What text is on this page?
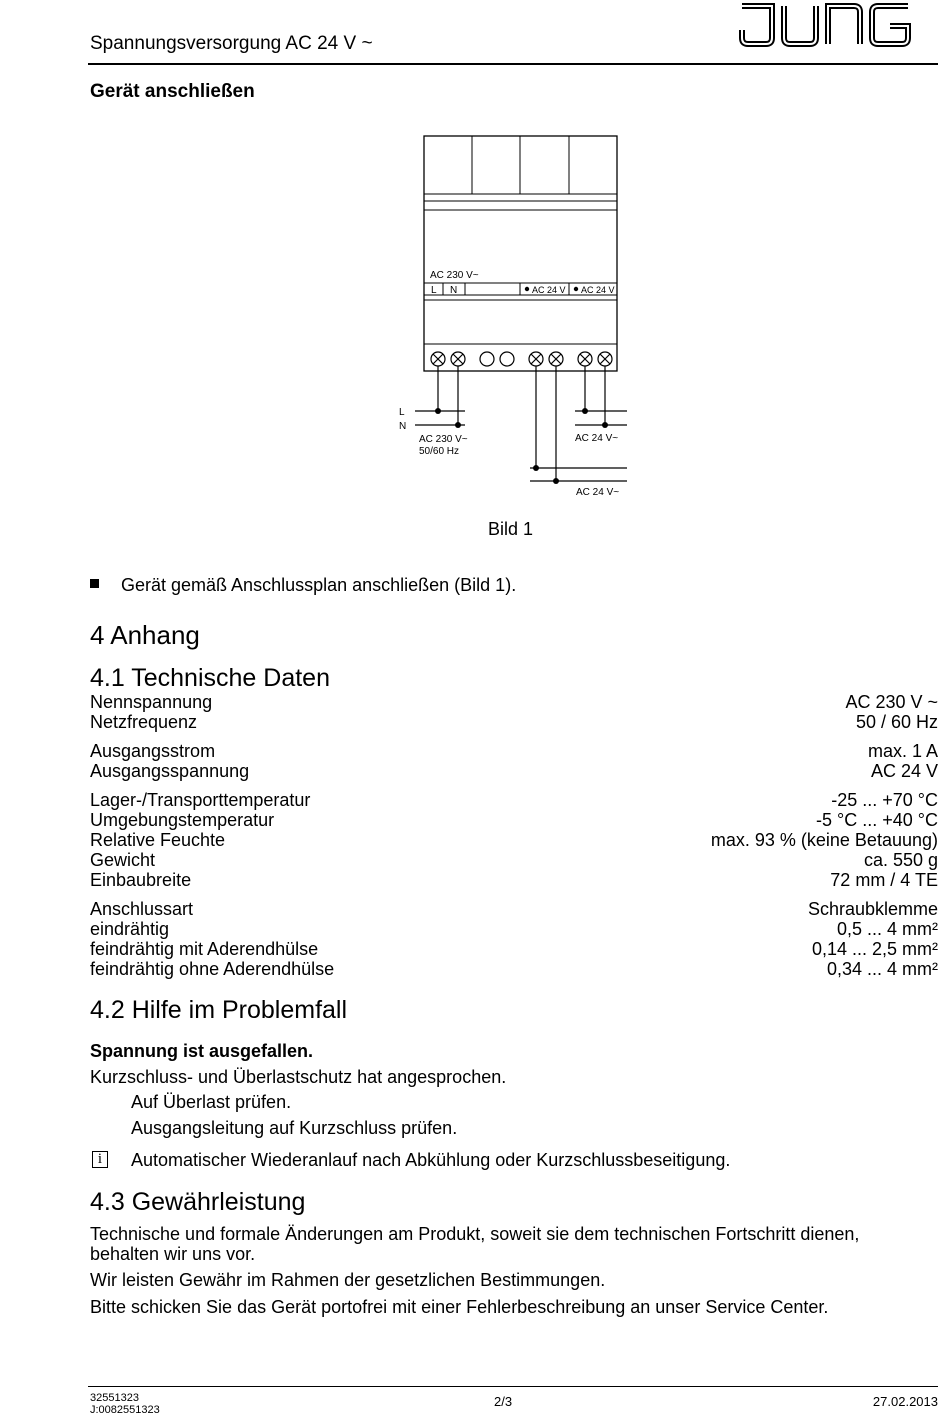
Spannungsversorgung AC 24 V ~
Gerät anschließen
AC 230 V~
L N	AC 24 V AC 24 V
L
N
AC 230 V~
50/60 Hz
AC 24 V~
AC 24 V~
Bild 1
Gerät gemäß Anschlussplan anschließen (Bild 1).
4 Anhang
4.1 Technische Daten
Nennspannung	AC 230 V ~
Netzfrequenz	50 / 60 Hz
Ausgangsstrom	max. 1 A
Ausgangsspannung	AC 24 V
Lager-/Transporttemperatur	-25 ... +70 °C
Umgebungstemperatur	-5 °C ... +40 °C
Relative Feuchte	max. 93 % (keine Betauung)
Gewicht	ca. 550 g
Einbaubreite	72 mm / 4 TE
Anschlussart	Schraubklemme
eindrähtig	0,5 ... 4 mm²
feindrähtig mit Aderendhülse	0,14 ... 2,5 mm²
feindrähtig ohne Aderendhülse	0,34 ... 4 mm²
4.2 Hilfe im Problemfall
Spannung ist ausgefallen.
Kurzschluss- und Überlastschutz hat angesprochen.
Auf Überlast prüfen.
Ausgangsleitung auf Kurzschluss prüfen.
i	Automatischer Wiederanlauf nach Abkühlung oder Kurzschlussbeseitigung.
4.3 Gewährleistung
Technische und formale Änderungen am Produkt, soweit sie dem technischen Fortschritt dienen, behalten wir uns vor.
Wir leisten Gewähr im Rahmen der gesetzlichen Bestimmungen.
Bitte schicken Sie das Gerät portofrei mit einer Fehlerbeschreibung an unser Service Center.
32551323
J:0082551323
2/3	27.02.2013
